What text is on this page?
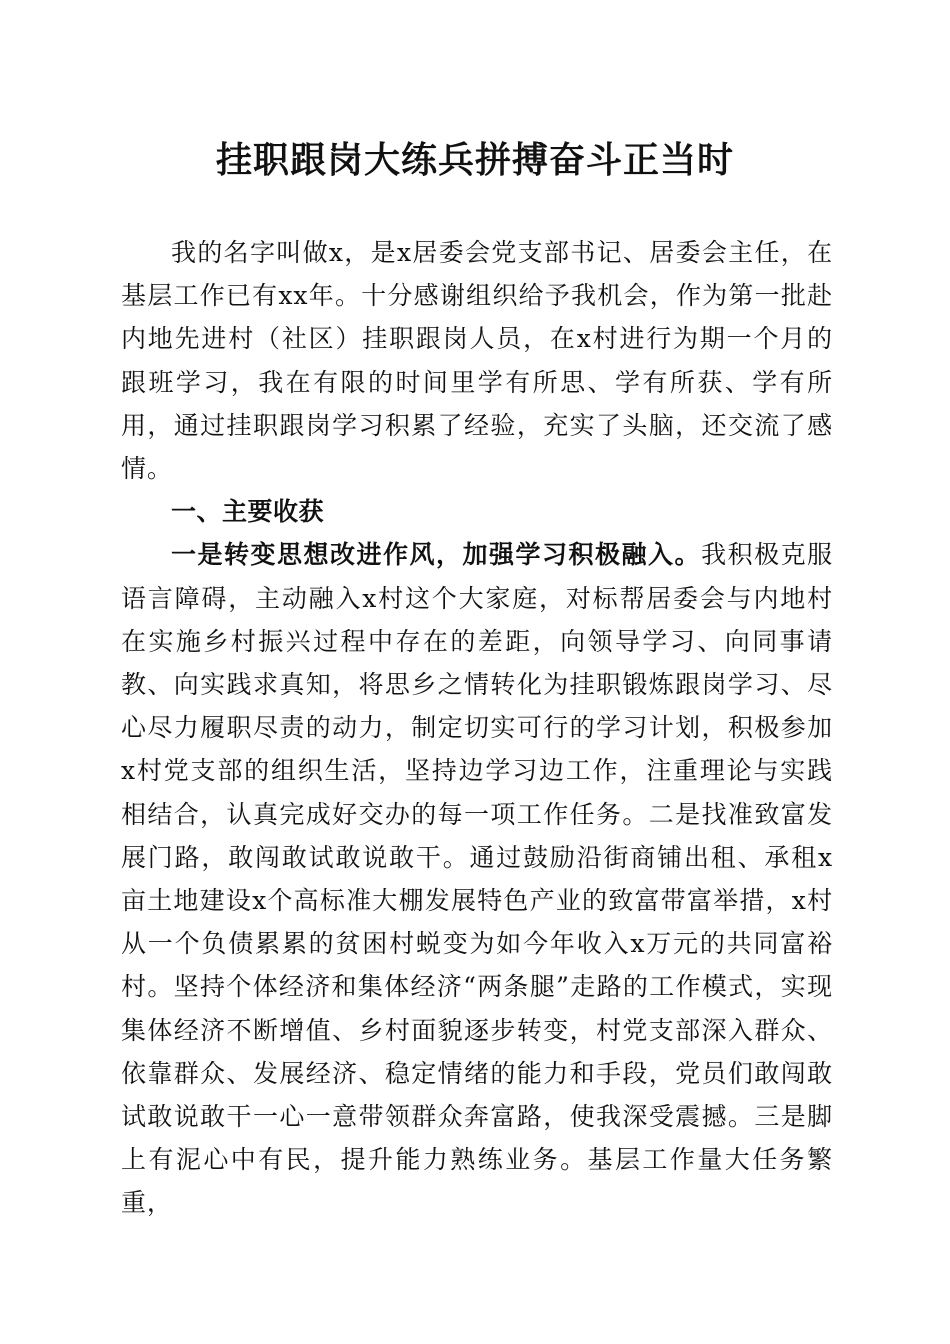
挂职跟岗大练兵拼搏奋斗正当时

我的名字叫做x，是x居委会党支部书记、居委会主任，在基层工作已有xx年。十分感谢组织给予我机会，作为第一批赴内地先进村（社区）挂职跟岗人员，在x村进行为期一个月的跟班学习，我在有限的时间里学有所思、学有所获、学有所用，通过挂职跟岗学习积累了经验，充实了头脑，还交流了感情。

一、主要收获

一是转变思想改进作风，加强学习积极融入。我积极克服语言障碍，主动融入x村这个大家庭，对标帮居委会与内地村在实施乡村振兴过程中存在的差距，向领导学习、向同事请教、向实践求真知，将思乡之情转化为挂职锻炼跟岗学习、尽心尽力履职尽责的动力，制定切实可行的学习计划，积极参加x村党支部的组织生活，坚持边学习边工作，注重理论与实践相结合，认真完成好交办的每一项工作任务。二是找准致富发展门路，敢闯敢试敢说敢干。通过鼓励沿街商铺出租、承租x亩土地建设x个高标准大棚发展特色产业的致富带富举措，x村从一个负债累累的贫困村蜕变为如今年收入x万元的共同富裕村。坚持个体经济和集体经济“两条腿”走路的工作模式，实现集体经济不断增值、乡村面貌逐步转变，村党支部深入群众、依靠群众、发展经济、稳定情绪的能力和手段，党员们敢闯敢试敢说敢干一心一意带领群众奔富路，使我深受震撼。三是脚上有泥心中有民，提升能力熟练业务。基层工作量大任务繁重，
